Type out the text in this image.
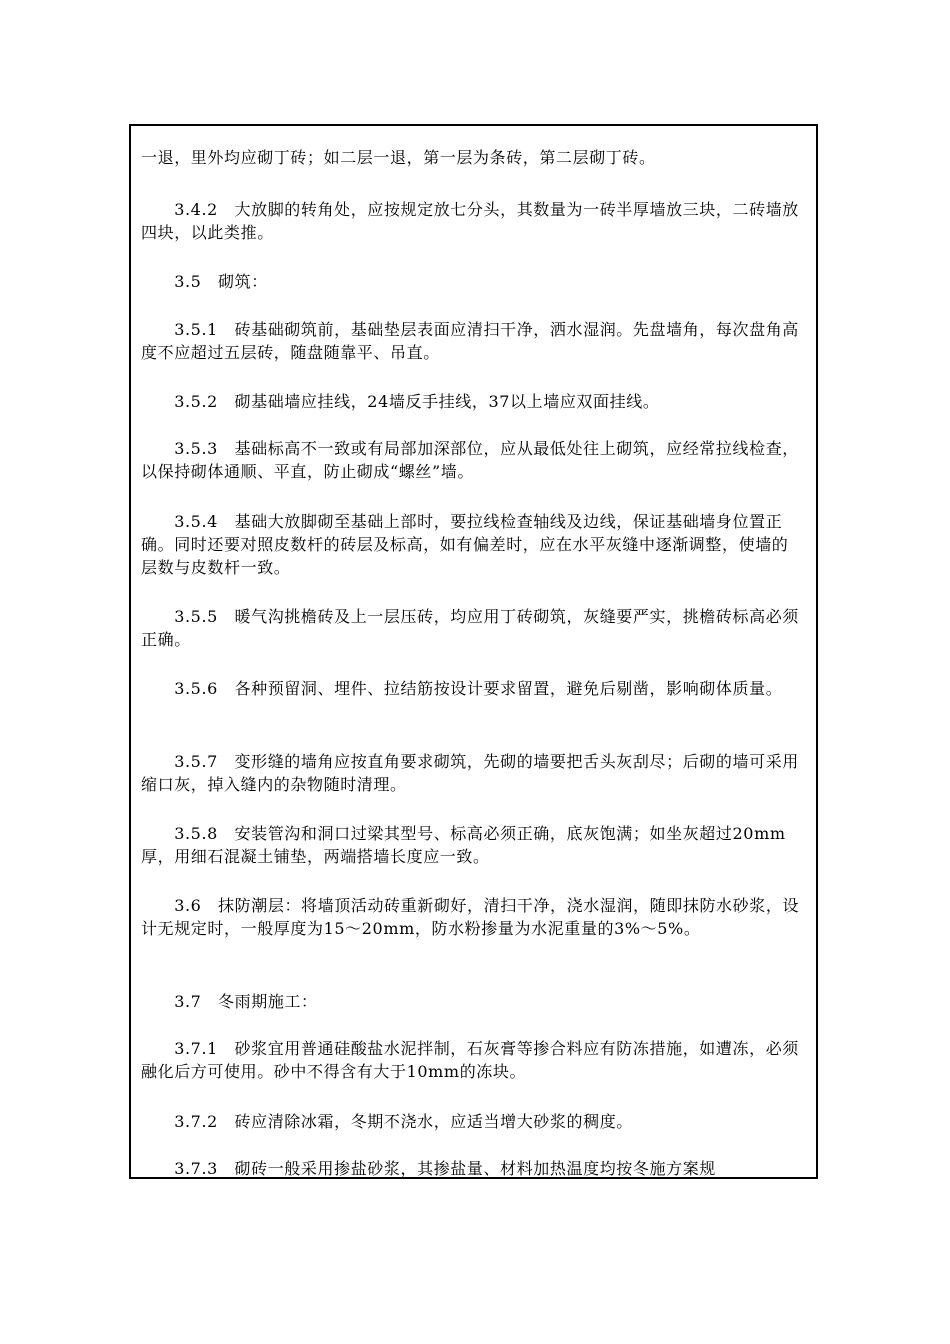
一退，里外均应砌丁砖；如二层一退，第一层为条砖，第二层砌丁砖。

　　3.4.2　大放脚的转角处，应按规定放七分头，其数量为一砖半厚墙放三块，二砖墙放四块，以此类推。

　　3.5　砌筑：

　　3.5.1　砖基础砌筑前，基础垫层表面应清扫干净，洒水湿润。先盘墙角，每次盘角高度不应超过五层砖，随盘随靠平、吊直。

　　3.5.2　砌基础墙应挂线，24墙反手挂线，37以上墙应双面挂线。

　　3.5.3　基础标高不一致或有局部加深部位，应从最低处往上砌筑，应经常拉线检查，以保持砌体通顺、平直，防止砌成“螺丝”墙。

　　3.5.4　基础大放脚砌至基础上部时，要拉线检查轴线及边线，保证基础墙身位置正确。同时还要对照皮数杆的砖层及标高，如有偏差时，应在水平灰缝中逐渐调整，使墙的层数与皮数杆一致。

　　3.5.5　暖气沟挑檐砖及上一层压砖，均应用丁砖砌筑，灰缝要严实，挑檐砖标高必须正确。

　　3.5.6　各种预留洞、埋件、拉结筋按设计要求留置，避免后剔凿，影响砌体质量。

　　3.5.7　变形缝的墙角应按直角要求砌筑，先砌的墙要把舌头灰刮尽；后砌的墙可采用缩口灰，掉入缝内的杂物随时清理。

　　3.5.8　安装管沟和洞口过梁其型号、标高必须正确，底灰饱满；如坐灰超过20mm厚，用细石混凝土铺垫，两端搭墙长度应一致。

　　3.6　抹防潮层：将墙顶活动砖重新砌好，清扫干净，浇水湿润，随即抹防水砂浆，设计无规定时，一般厚度为15～20mm，防水粉掺量为水泥重量的3%～5%。

　　3.7　冬雨期施工：

　　3.7.1　砂浆宜用普通硅酸盐水泥拌制，石灰膏等掺合料应有防冻措施，如遭冻，必须融化后方可使用。砂中不得含有大于10mm的冻块。

　　3.7.2　砖应清除冰霜，冬期不浇水，应适当增大砂浆的稠度。

　　3.7.3　砌砖一般采用掺盐砂浆，其掺盐量、材料加热温度均按冬施方案规
